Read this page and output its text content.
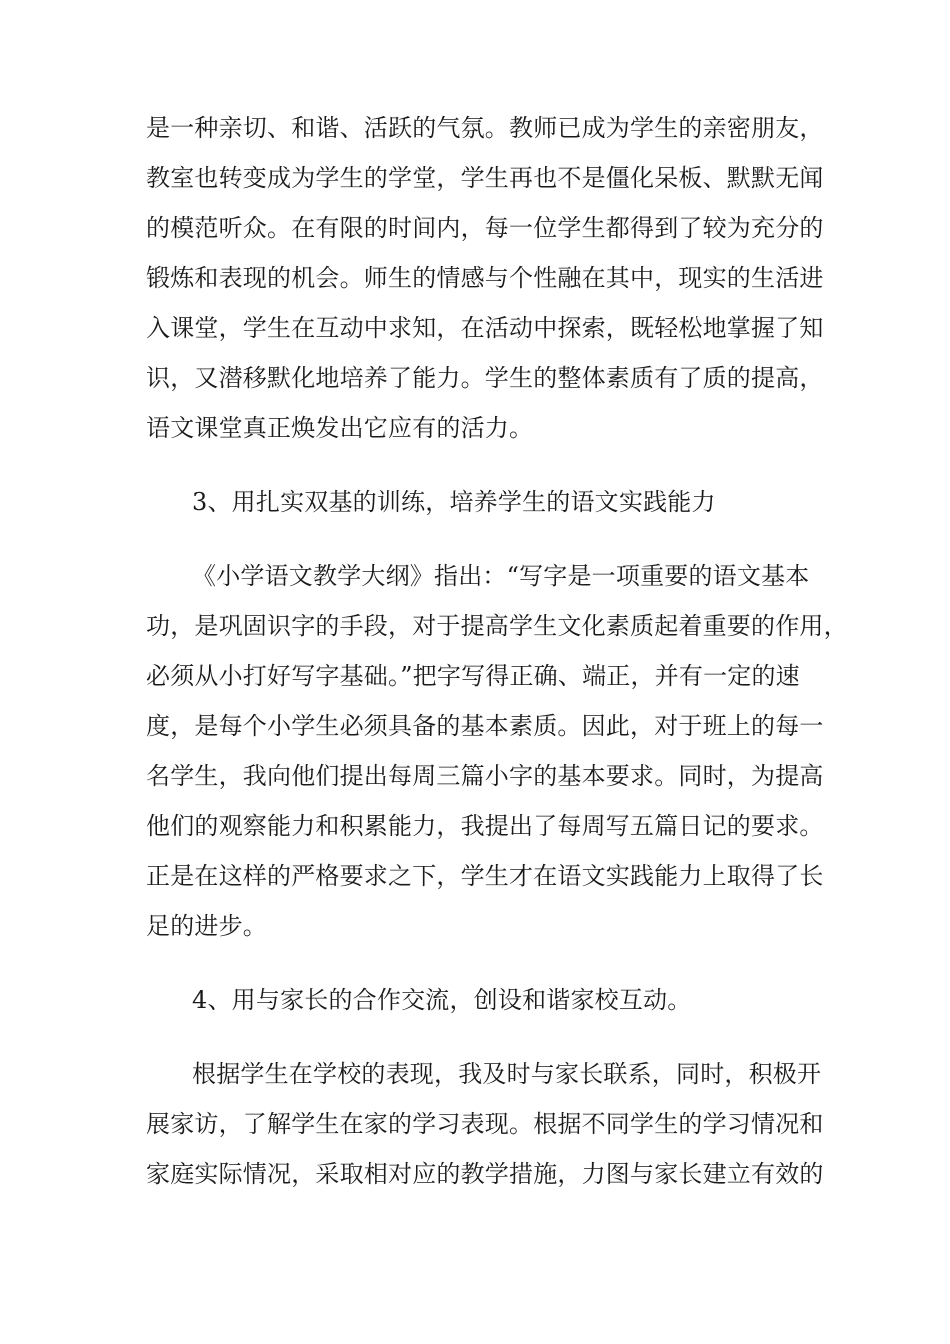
是一种亲切、和谐、活跃的气氛。教师已成为学生的亲密朋友，
教室也转变成为学生的学堂，学生再也不是僵化呆板、默默无闻
的模范听众。在有限的时间内，每一位学生都得到了较为充分的
锻炼和表现的机会。师生的情感与个性融在其中，现实的生活进
入课堂，学生在互动中求知，在活动中探索，既轻松地掌握了知
识，又潜移默化地培养了能力。学生的整体素质有了质的提高，
语文课堂真正焕发出它应有的活力。
3、用扎实双基的训练，培养学生的语文实践能力
《小学语文教学大纲》指出：“写字是一项重要的语文基本
功，是巩固识字的手段，对于提高学生文化素质起着重要的作用，
必须从小打好写字基础。”把字写得正确、端正，并有一定的速
度，是每个小学生必须具备的基本素质。因此，对于班上的每一
名学生，我向他们提出每周三篇小字的基本要求。同时，为提高
他们的观察能力和积累能力，我提出了每周写五篇日记的要求。
正是在这样的严格要求之下，学生才在语文实践能力上取得了长
足的进步。
4、用与家长的合作交流，创设和谐家校互动。
根据学生在学校的表现，我及时与家长联系，同时，积极开
展家访，了解学生在家的学习表现。根据不同学生的学习情况和
家庭实际情况，采取相对应的教学措施，力图与家长建立有效的
